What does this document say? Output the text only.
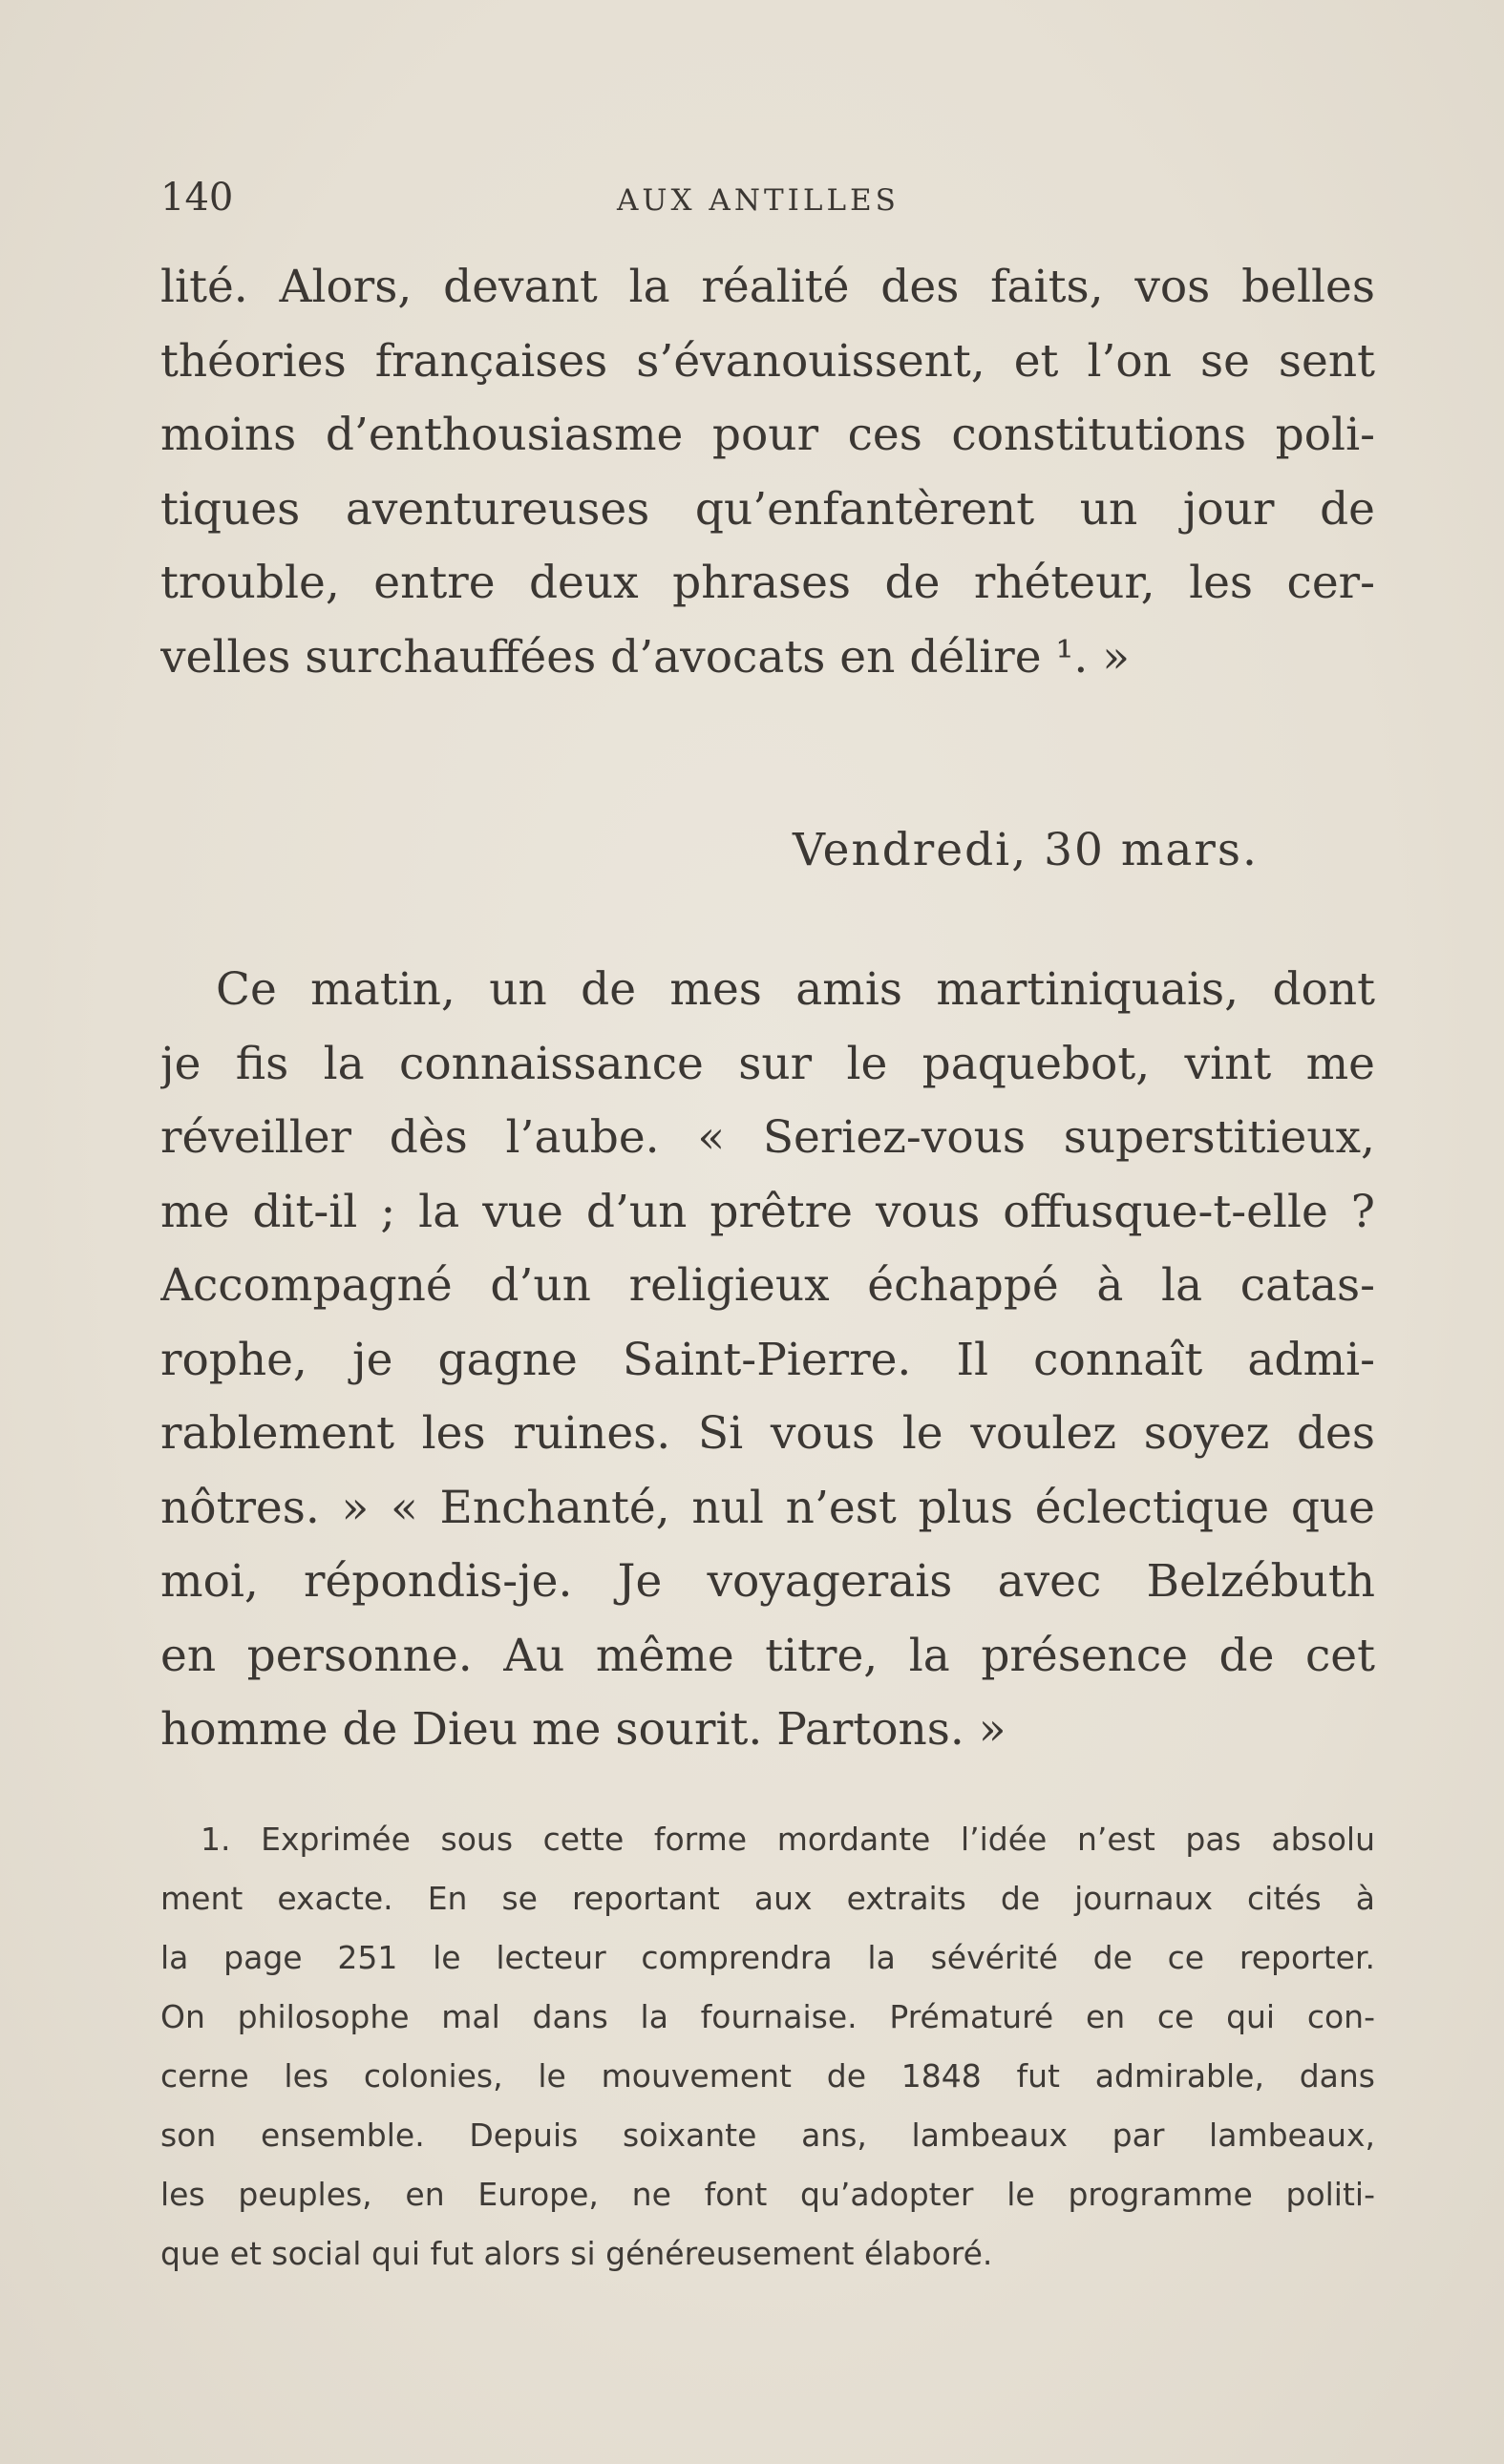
140	AUX ANTILLES
lité. Alors, devant la réalité des faits, vos belles
théories françaises s’évanouissent, et l’on se sent
moins d’enthousiasme pour ces constitutions poli-
tiques aventureuses qu’enfantèrent un jour de
trouble, entre deux phrases de rhéteur, les cer-
velles surchauffées d’avocats en délire ¹. »
Vendredi, 30 mars.
Ce matin, un de mes amis martiniquais, dont
je fis la connaissance sur le paquebot, vint me
réveiller dès l’aube. « Seriez-vous superstitieux,
me dit-il ; la vue d’un prêtre vous offusque-t-elle ?
Accompagné d’un religieux échappé à la catas-
rophe, je gagne Saint-Pierre. Il connaît admi-
rablement les ruines. Si vous le voulez soyez des
nôtres. » « Enchanté, nul n’est plus éclectique que
moi, répondis-je. Je voyagerais avec Belzébuth
en personne. Au même titre, la présence de cet
homme de Dieu me sourit. Partons. »
1. Exprimée sous cette forme mordante l’idée n’est pas absolu
ment exacte. En se reportant aux extraits de journaux cités à
la page 251 le lecteur comprendra la sévérité de ce reporter.
On philosophe mal dans la fournaise. Prématuré en ce qui con-
cerne les colonies, le mouvement de 1848 fut admirable, dans
son ensemble. Depuis soixante ans, lambeaux par lambeaux,
les peuples, en Europe, ne font qu’adopter le programme politi-
que et social qui fut alors si généreusement élaboré.
